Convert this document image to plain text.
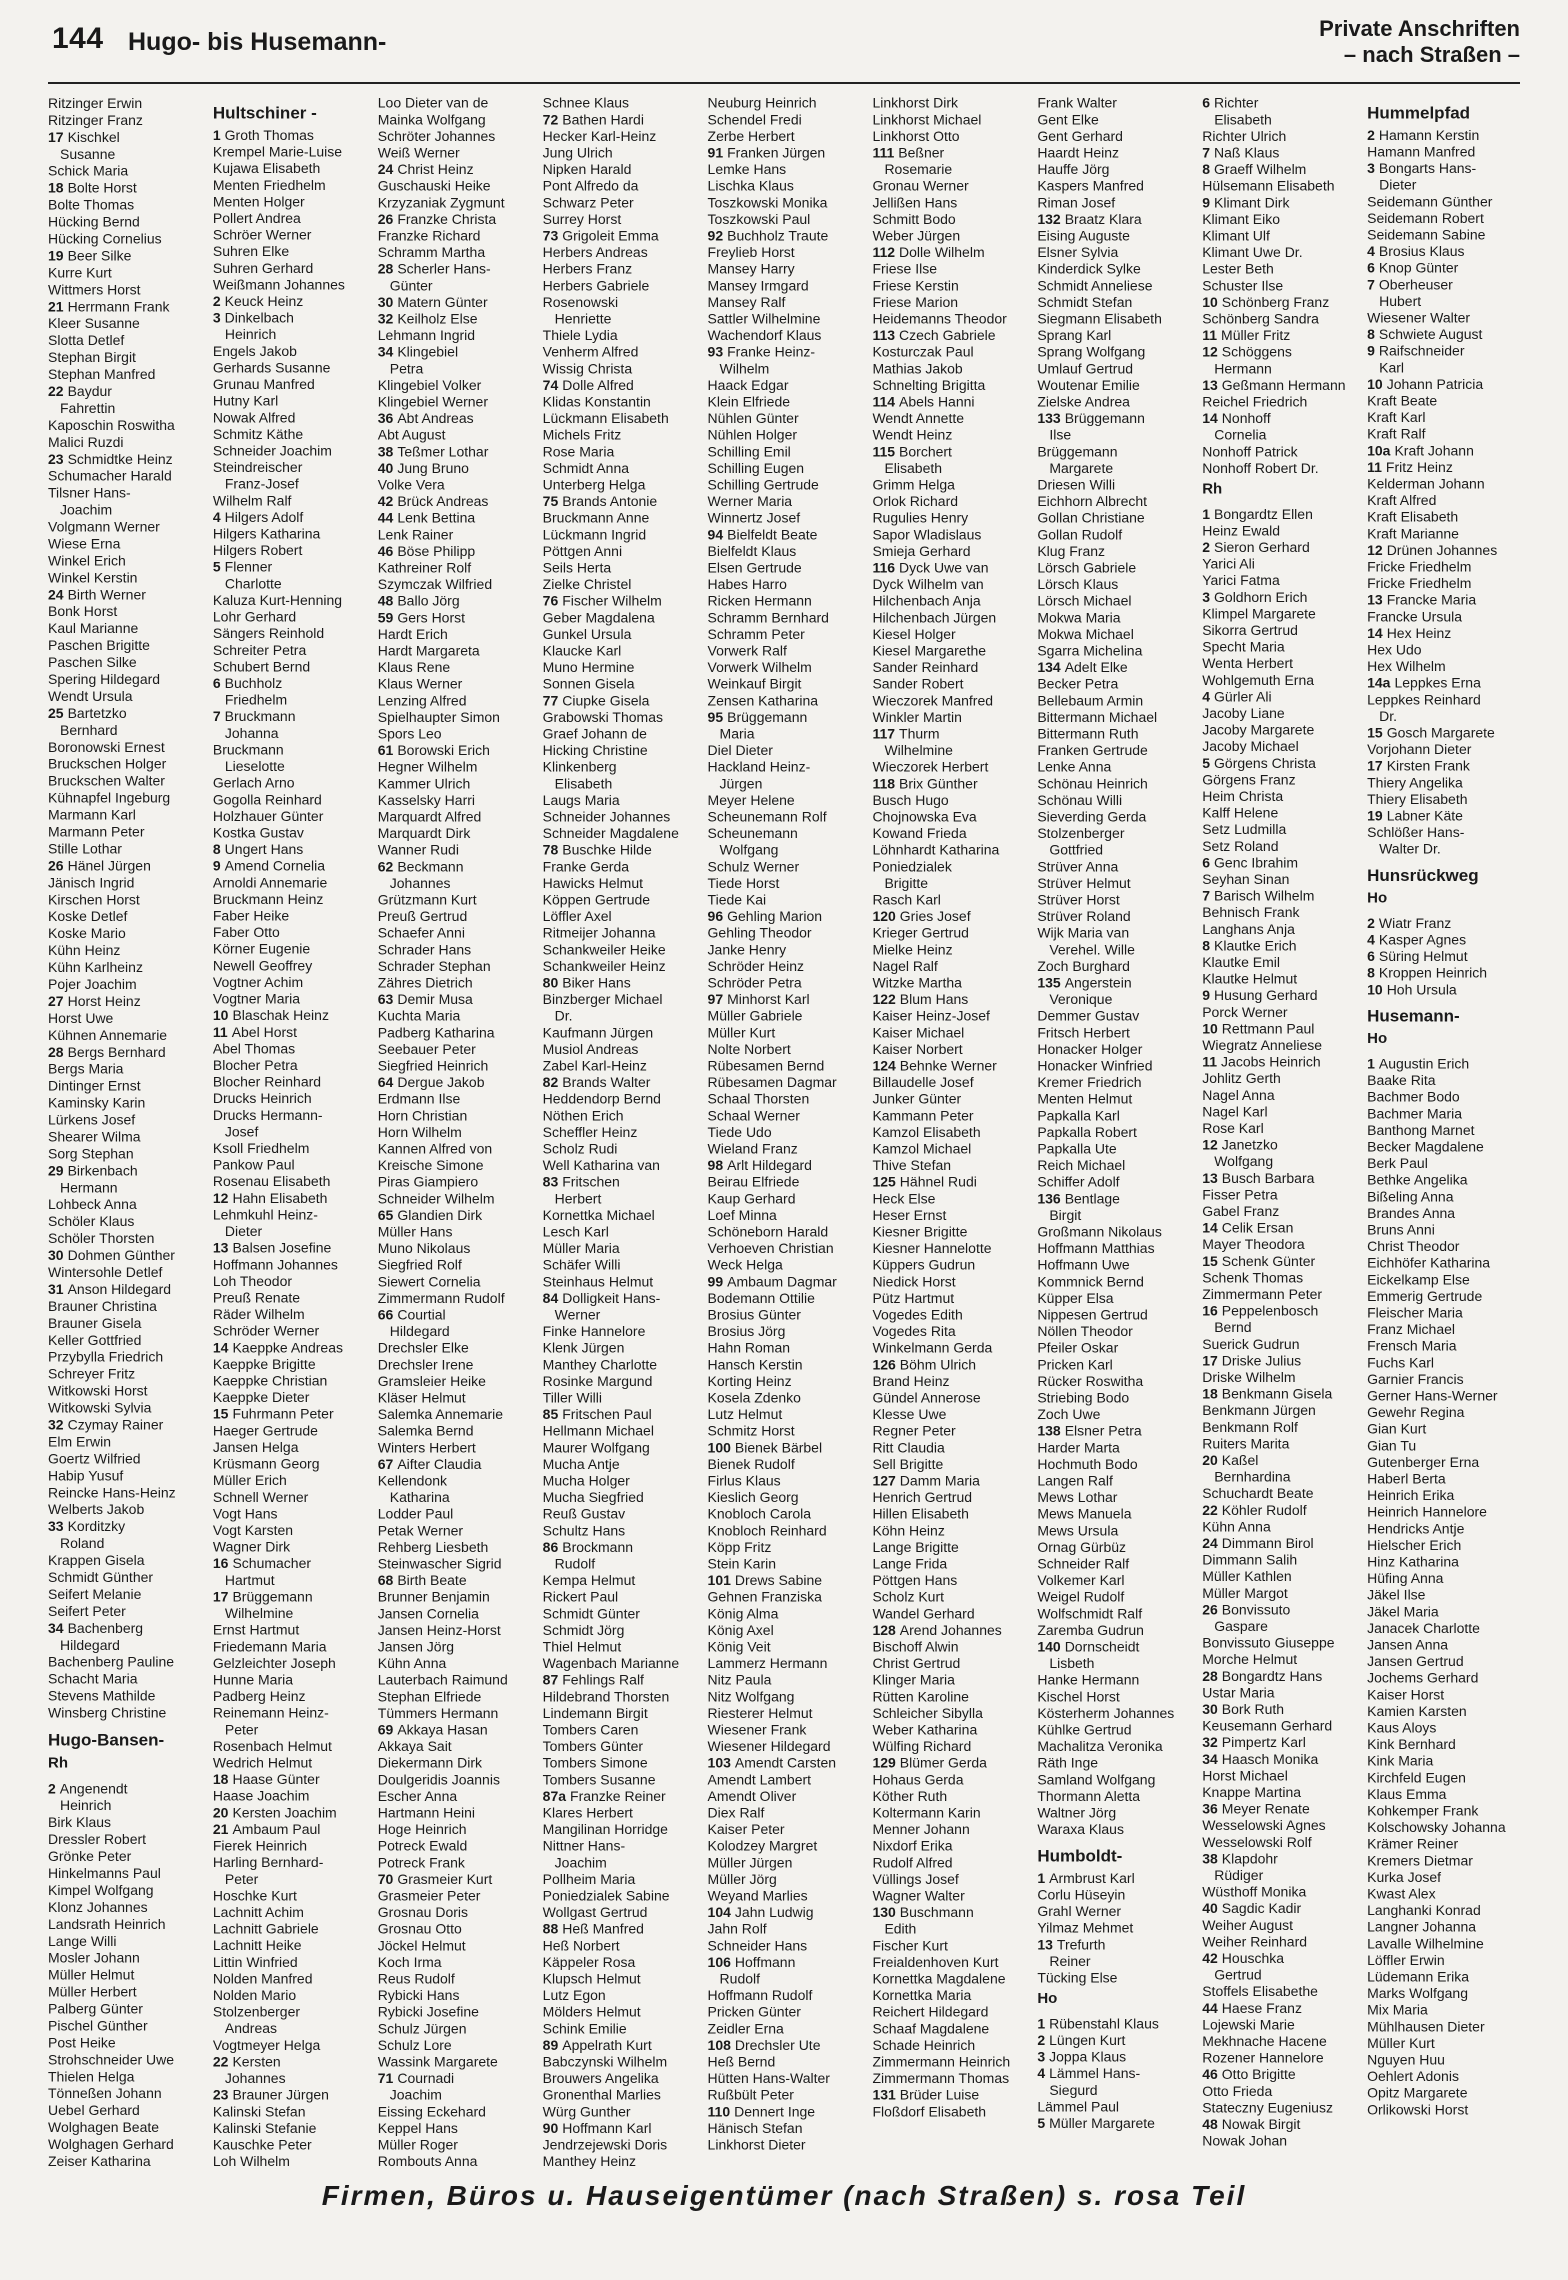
144 Hugo- bis Husemann-	Private Anschriften
– nach Straßen –
Ritzinger Erwin
Ritzinger Franz
17 Kischkel
Susanne
Schick Maria
18 Bolte Horst
Bolte Thomas
Hücking Bernd
Hücking Cornelius
19 Beer Silke
Kurre Kurt
Wittmers Horst
21 Herrmann Frank
Kleer Susanne
Slotta Detlef
Stephan Birgit
Stephan Manfred
22 Baydur
Fahrettin
Kaposchin Roswitha
Malici Ruzdi
23 Schmidtke Heinz
Schumacher Harald
Tilsner Hans-
Joachim
Volgmann Werner
Wiese Erna
Winkel Erich
Winkel Kerstin
24 Birth Werner
Bonk Horst
Kaul Marianne
Paschen Brigitte
Paschen Silke
Spering Hildegard
Wendt Ursula
25 Bartetzko
Bernhard
Boronowski Ernest
Bruckschen Holger
Bruckschen Walter
Kühnapfel Ingeburg
Marmann Karl
Marmann Peter
Stille Lothar
26 Hänel Jürgen
Jänisch Ingrid
Kirschen Horst
Koske Detlef
Koske Mario
Kühn Heinz
Kühn Karlheinz
Pojer Joachim
27 Horst Heinz
Horst Uwe
Kühnen Annemarie
28 Bergs Bernhard
Bergs Maria
Dintinger Ernst
Kaminsky Karin
Lürkens Josef
Shearer Wilma
Sorg Stephan
29 Birkenbach
Hermann
Lohbeck Anna
Schöler Klaus
Schöler Thorsten
30 Dohmen Günther
Wintersohle Detlef
31 Anson Hildegard
Brauner Christina
Brauner Gisela
Keller Gottfried
Przybylla Friedrich
Schreyer Fritz
Witkowski Horst
Witkowski Sylvia
32 Czymay Rainer
Elm Erwin
Goertz Wilfried
Habip Yusuf
Reincke Hans-Heinz
Welberts Jakob
33 Korditzky
Roland
Krappen Gisela
Schmidt Günther
Seifert Melanie
Seifert Peter
34 Bachenberg
Hildegard
Bachenberg Pauline
Schacht Maria
Stevens Mathilde
Winsberg Christine
Hugo-Bansen-
Rh
2 Angenendt
Heinrich
Birk Klaus
Dressler Robert
Grönke Peter
Hinkelmanns Paul
Kimpel Wolfgang
Klonz Johannes
Landsrath Heinrich
Lange Willi
Mosler Johann
Müller Helmut
Müller Herbert
Palberg Günter
Pischel Günther
Post Heike
Strohschneider Uwe
Thielen Helga
Tönneßen Johann
Uebel Gerhard
Wolghagen Beate
Wolghagen Gerhard
Zeiser Katharina
Hultschiner -
1 Groth Thomas
Krempel Marie-Luise
Kujawa Elisabeth
Menten Friedhelm
Menten Holger
Pollert Andrea
Schröer Werner
Suhren Elke
Suhren Gerhard
Weißmann Johannes
2 Keuck Heinz
3 Dinkelbach
Heinrich
Engels Jakob
Gerhards Susanne
Grunau Manfred
Hutny Karl
Nowak Alfred
Schmitz Käthe
Schneider Joachim
Steindreischer
Franz-Josef
Wilhelm Ralf
4 Hilgers Adolf
Hilgers Katharina
Hilgers Robert
5 Flenner
Charlotte
Kaluza Kurt-Henning
Lohr Gerhard
Sängers Reinhold
Schreiter Petra
Schubert Bernd
6 Buchholz
Friedhelm
7 Bruckmann
Johanna
Bruckmann
Lieselotte
Gerlach Arno
Gogolla Reinhard
Holzhauer Günter
Kostka Gustav
8 Ungert Hans
9 Amend Cornelia
Arnoldi Annemarie
Bruckmann Heinz
Faber Heike
Faber Otto
Körner Eugenie
Newell Geoffrey
Vogtner Achim
Vogtner Maria
10 Blaschak Heinz
11 Abel Horst
Abel Thomas
Blocher Petra
Blocher Reinhard
Drucks Heinrich
Drucks Hermann-
Josef
Ksoll Friedhelm
Pankow Paul
Rosenau Elisabeth
12 Hahn Elisabeth
Lehmkuhl Heinz-
Dieter
13 Balsen Josefine
Hoffmann Johannes
Loh Theodor
Preuß Renate
Räder Wilhelm
Schröder Werner
14 Kaeppke Andreas
Kaeppke Brigitte
Kaeppke Christian
Kaeppke Dieter
15 Fuhrmann Peter
Haeger Gertrude
Jansen Helga
Krüsmann Georg
Müller Erich
Schnell Werner
Vogt Hans
Vogt Karsten
Wagner Dirk
16 Schumacher
Hartmut
17 Brüggemann
Wilhelmine
Ernst Hartmut
Friedemann Maria
Gelzleichter Joseph
Hunne Maria
Padberg Heinz
Reinemann Heinz-
Peter
Rosenbach Helmut
Wedrich Helmut
18 Haase Günter
Haase Joachim
20 Kersten Joachim
21 Ambaum Paul
Fierek Heinrich
Harling Bernhard-
Peter
Hoschke Kurt
Lachnitt Achim
Lachnitt Gabriele
Lachnitt Heike
Littin Winfried
Nolden Manfred
Nolden Mario
Stolzenberger
Andreas
Vogtmeyer Helga
22 Kersten
Johannes
23 Brauner Jürgen
Kalinski Stefan
Kalinski Stefanie
Kauschke Peter
Loh Wilhelm
Loo Dieter van de
Mainka Wolfgang
Schröter Johannes
Weiß Werner
24 Christ Heinz
Guschauski Heike
Krzyzaniak Zygmunt
26 Franzke Christa
Franzke Richard
Schramm Martha
28 Scherler Hans-
Günter
30 Matern Günter
32 Keilholz Else
Lehmann Ingrid
34 Klingebiel
Petra
Klingebiel Volker
Klingebiel Werner
36 Abt Andreas
Abt August
38 Teßmer Lothar
40 Jung Bruno
Volke Vera
42 Brück Andreas
44 Lenk Bettina
Lenk Rainer
46 Böse Philipp
Kathreiner Rolf
Szymczak Wilfried
48 Ballo Jörg
59 Gers Horst
Hardt Erich
Hardt Margareta
Klaus Rene
Klaus Werner
Lenzing Alfred
Spielhaupter Simon
Spors Leo
61 Borowski Erich
Hegner Wilhelm
Kammer Ulrich
Kasselsky Harri
Marquardt Alfred
Marquardt Dirk
Wanner Rudi
62 Beckmann
Johannes
Grützmann Kurt
Preuß Gertrud
Schaefer Anni
Schrader Hans
Schrader Stephan
Zähres Dietrich
63 Demir Musa
Kuchta Maria
Padberg Katharina
Seebauer Peter
Siegfried Heinrich
64 Dergue Jakob
Erdmann Ilse
Horn Christian
Horn Wilhelm
Kannen Alfred von
Kreische Simone
Piras Giampiero
Schneider Wilhelm
65 Glandien Dirk
Müller Hans
Muno Nikolaus
Siegfried Rolf
Siewert Cornelia
Zimmermann Rudolf
66 Courtial
Hildegard
Drechsler Elke
Drechsler Irene
Gramsleier Heike
Kläser Helmut
Salemka Annemarie
Salemka Bernd
Winters Herbert
67 Aifter Claudia
Kellendonk
Katharina
Lodder Paul
Petak Werner
Rehberg Liesbeth
Steinwascher Sigrid
68 Birth Beate
Brunner Benjamin
Jansen Cornelia
Jansen Heinz-Horst
Jansen Jörg
Kühn Anna
Lauterbach Raimund
Stephan Elfriede
Tümmers Hermann
69 Akkaya Hasan
Akkaya Sait
Diekermann Dirk
Doulgeridis Joannis
Escher Anna
Hartmann Heini
Hoge Heinrich
Potreck Ewald
Potreck Frank
70 Grasmeier Kurt
Grasmeier Peter
Grosnau Doris
Grosnau Otto
Jöckel Helmut
Koch Irma
Reus Rudolf
Rybicki Hans
Rybicki Josefine
Schulz Jürgen
Schulz Lore
Wassink Margarete
71 Cournadi
Joachim
Eissing Eckehard
Keppel Hans
Müller Roger
Rombouts Anna
Schnee Klaus
72 Bathen Hardi
Hecker Karl-Heinz
Jung Ulrich
Nipken Harald
Pont Alfredo da
Schwarz Peter
Surrey Horst
73 Grigoleit Emma
Herbers Andreas
Herbers Franz
Herbers Gabriele
Rosenowski
Henriette
Thiele Lydia
Venherm Alfred
Wissig Christa
74 Dolle Alfred
Klidas Konstantin
Lückmann Elisabeth
Michels Fritz
Rose Maria
Schmidt Anna
Unterberg Helga
75 Brands Antonie
Bruckmann Anne
Lückmann Ingrid
Pöttgen Anni
Seils Herta
Zielke Christel
76 Fischer Wilhelm
Geber Magdalena
Gunkel Ursula
Klaucke Karl
Muno Hermine
Sonnen Gisela
77 Ciupke Gisela
Grabowski Thomas
Graef Johann de
Hicking Christine
Klinkenberg
Elisabeth
Laugs Maria
Schneider Johannes
Schneider Magdalene
78 Buschke Hilde
Franke Gerda
Hawicks Helmut
Köppen Gertrude
Löffler Axel
Ritmeijer Johanna
Schankweiler Heike
Schankweiler Heinz
80 Biker Hans
Binzberger Michael
Dr.
Kaufmann Jürgen
Musiol Andreas
Zabel Karl-Heinz
82 Brands Walter
Heddendorp Bernd
Nöthen Erich
Scheffler Heinz
Scholz Rudi
Well Katharina van
83 Fritschen
Herbert
Kornettka Michael
Lesch Karl
Müller Maria
Schäfer Willi
Steinhaus Helmut
84 Dolligkeit Hans-
Werner
Finke Hannelore
Klenk Jürgen
Manthey Charlotte
Rosinke Margund
Tiller Willi
85 Fritschen Paul
Hellmann Michael
Maurer Wolfgang
Mucha Antje
Mucha Holger
Mucha Siegfried
Reuß Gustav
Schultz Hans
86 Brockmann
Rudolf
Kempa Helmut
Rickert Paul
Schmidt Günter
Schmidt Jörg
Thiel Helmut
Wagenbach Marianne
87 Fehlings Ralf
Hildebrand Thorsten
Lindemann Birgit
Tombers Caren
Tombers Günter
Tombers Simone
Tombers Susanne
87a Franzke Reiner
Klares Herbert
Mangilinan Horridge
Nittner Hans-
Joachim
Pollheim Maria
Poniedzialek Sabine
Wollgast Gertrud
88 Heß Manfred
Heß Norbert
Käppeler Rosa
Klupsch Helmut
Lutz Egon
Mölders Helmut
Schink Emilie
89 Appelrath Kurt
Babczynski Wilhelm
Brouwers Angelika
Gronenthal Marlies
Würg Gunther
90 Hoffmann Karl
Jendrzejewski Doris
Manthey Heinz
Neuburg Heinrich
Schendel Fredi
Zerbe Herbert
91 Franken Jürgen
Lemke Hans
Lischka Klaus
Toszkowski Monika
Toszkowski Paul
92 Buchholz Traute
Freylieb Horst
Mansey Harry
Mansey Irmgard
Mansey Ralf
Sattler Wilhelmine
Wachendorf Klaus
93 Franke Heinz-
Wilhelm
Haack Edgar
Klein Elfriede
Nühlen Günter
Nühlen Holger
Schilling Emil
Schilling Eugen
Schilling Gertrude
Werner Maria
Winnertz Josef
94 Bielfeldt Beate
Bielfeldt Klaus
Elsen Gertrude
Habes Harro
Ricken Hermann
Schramm Bernhard
Schramm Peter
Vorwerk Ralf
Vorwerk Wilhelm
Weinkauf Birgit
Zensen Katharina
95 Brüggemann
Maria
Diel Dieter
Hackland Heinz-
Jürgen
Meyer Helene
Scheunemann Rolf
Scheunemann
Wolfgang
Schulz Werner
Tiede Horst
Tiede Kai
96 Gehling Marion
Gehling Theodor
Janke Henry
Schröder Heinz
Schröder Petra
97 Minhorst Karl
Müller Gabriele
Müller Kurt
Nolte Norbert
Rübesamen Bernd
Rübesamen Dagmar
Schaal Thorsten
Schaal Werner
Tiede Udo
Wieland Franz
98 Arlt Hildegard
Beirau Elfriede
Kaup Gerhard
Loef Minna
Schöneborn Harald
Verhoeven Christian
Weck Helga
99 Ambaum Dagmar
Bodemann Ottilie
Brosius Günter
Brosius Jörg
Hahn Roman
Hansch Kerstin
Korting Heinz
Kosela Zdenko
Lutz Helmut
Schmitz Horst
100 Bienek Bärbel
Bienek Rudolf
Firlus Klaus
Kieslich Georg
Knobloch Carola
Knobloch Reinhard
Köpp Fritz
Stein Karin
101 Drews Sabine
Gehnen Franziska
König Alma
König Axel
König Veit
Lammerz Hermann
Nitz Paula
Nitz Wolfgang
Riesterer Helmut
Wiesener Frank
Wiesener Hildegard
103 Amendt Carsten
Amendt Lambert
Amendt Oliver
Diex Ralf
Kaiser Peter
Kolodzey Margret
Müller Jürgen
Müller Jörg
Weyand Marlies
104 Jahn Ludwig
Jahn Rolf
Schneider Hans
106 Hoffmann
Rudolf
Hoffmann Rudolf
Pricken Günter
Zeidler Erna
108 Drechsler Ute
Heß Bernd
Hütten Hans-Walter
Rußbült Peter
110 Dennert Inge
Hänisch Stefan
Linkhorst Dieter
Linkhorst Dirk
Linkhorst Michael
Linkhorst Otto
111 Beßner
Rosemarie
Gronau Werner
Jellißen Hans
Schmitt Bodo
Weber Jürgen
112 Dolle Wilhelm
Friese Ilse
Friese Kerstin
Friese Marion
Heidemanns Theodor
113 Czech Gabriele
Kosturczak Paul
Mathias Jakob
Schnelting Brigitta
114 Abels Hanni
Wendt Annette
Wendt Heinz
115 Borchert
Elisabeth
Grimm Helga
Orlok Richard
Rugulies Henry
Sapor Wladislaus
Smieja Gerhard
116 Dyck Uwe van
Dyck Wilhelm van
Hilchenbach Anja
Hilchenbach Jürgen
Kiesel Holger
Kiesel Margarethe
Sander Reinhard
Sander Robert
Wieczorek Manfred
Winkler Martin
117 Thurm
Wilhelmine
Wieczorek Herbert
118 Brix Günther
Busch Hugo
Chojnowska Eva
Kowand Frieda
Löhnhardt Katharina
Poniedzialek
Brigitte
Rasch Karl
120 Gries Josef
Krieger Gertrud
Mielke Heinz
Nagel Ralf
Witzke Martha
122 Blum Hans
Kaiser Heinz-Josef
Kaiser Michael
Kaiser Norbert
124 Behnke Werner
Billaudelle Josef
Junker Günter
Kammann Peter
Kamzol Elisabeth
Kamzol Michael
Thive Stefan
125 Hähnel Rudi
Heck Else
Heser Ernst
Kiesner Brigitte
Kiesner Hannelotte
Küppers Gudrun
Niedick Horst
Pütz Hartmut
Vogedes Edith
Vogedes Rita
Winkelmann Gerda
126 Böhm Ulrich
Brand Heinz
Gündel Annerose
Klesse Uwe
Regner Peter
Ritt Claudia
Sell Brigitte
127 Damm Maria
Henrich Gertrud
Hillen Elisabeth
Köhn Heinz
Lange Brigitte
Lange Frida
Pöttgen Hans
Scholz Kurt
Wandel Gerhard
128 Arend Johannes
Bischoff Alwin
Christ Gertrud
Klinger Maria
Rütten Karoline
Schleicher Sibylla
Weber Katharina
Wülfing Richard
129 Blümer Gerda
Hohaus Gerda
Köther Ruth
Koltermann Karin
Menner Johann
Nixdorf Erika
Rudolf Alfred
Vüllings Josef
Wagner Walter
130 Buschmann
Edith
Fischer Kurt
Freialdenhoven Kurt
Kornettka Magdalene
Kornettka Maria
Reichert Hildegard
Schaaf Magdalene
Schade Heinrich
Zimmermann Heinrich
Zimmermann Thomas
131 Brüder Luise
Floßdorf Elisabeth
Frank Walter
Gent Elke
Gent Gerhard
Haardt Heinz
Hauffe Jörg
Kaspers Manfred
Riman Josef
132 Braatz Klara
Eising Auguste
Elsner Sylvia
Kinderdick Sylke
Schmidt Anneliese
Schmidt Stefan
Siegmann Elisabeth
Sprang Karl
Sprang Wolfgang
Umlauf Gertrud
Woutenar Emilie
Zielske Andrea
133 Brüggemann
Ilse
Brüggemann
Margarete
Driesen Willi
Eichhorn Albrecht
Gollan Christiane
Gollan Rudolf
Klug Franz
Lörsch Gabriele
Lörsch Klaus
Lörsch Michael
Mokwa Maria
Mokwa Michael
Sgarra Michelina
134 Adelt Elke
Becker Petra
Bellebaum Armin
Bittermann Michael
Bittermann Ruth
Franken Gertrude
Lenke Anna
Schönau Heinrich
Schönau Willi
Sieverding Gerda
Stolzenberger
Gottfried
Strüver Anna
Strüver Helmut
Strüver Horst
Strüver Roland
Wijk Maria van
Verehel. Wille
Zoch Burghard
135 Angerstein
Veronique
Demmer Gustav
Fritsch Herbert
Honacker Holger
Honacker Winfried
Kremer Friedrich
Menten Helmut
Papkalla Karl
Papkalla Robert
Papkalla Ute
Reich Michael
Schiffer Adolf
136 Bentlage
Birgit
Großmann Nikolaus
Hoffmann Matthias
Hoffmann Uwe
Kommnick Bernd
Küpper Elsa
Nippesen Gertrud
Nöllen Theodor
Pfeiler Oskar
Pricken Karl
Rücker Roswitha
Striebing Bodo
Zoch Uwe
138 Elsner Petra
Harder Marta
Hochmuth Bodo
Langen Ralf
Mews Lothar
Mews Manuela
Mews Ursula
Ornag Gürbüz
Schneider Ralf
Volkemer Karl
Weigel Rudolf
Wolfschmidt Ralf
Zaremba Gudrun
140 Dornscheidt
Lisbeth
Hanke Hermann
Kischel Horst
Kösterherm Johannes
Kühlke Gertrud
Machalitza Veronika
Räth Inge
Samland Wolfgang
Thormann Aletta
Waltner Jörg
Waraxa Klaus
Humboldt-
1 Armbrust Karl
Corlu Hüseyin
Grahl Werner
Yilmaz Mehmet
13 Trefurth
Reiner
Tücking Else
Ho
1 Rübenstahl Klaus
2 Lüngen Kurt
3 Joppa Klaus
4 Lämmel Hans-
Siegurd
Lämmel Paul
5 Müller Margarete
6 Richter
Elisabeth
Richter Ulrich
7 Naß Klaus
8 Graeff Wilhelm
Hülsemann Elisabeth
9 Klimant Dirk
Klimant Eiko
Klimant Ulf
Klimant Uwe Dr.
Lester Beth
Schuster Ilse
10 Schönberg Franz
Schönberg Sandra
11 Müller Fritz
12 Schöggens
Hermann
13 Geßmann Hermann
Reichel Friedrich
14 Nonhoff
Cornelia
Nonhoff Patrick
Nonhoff Robert Dr.
Rh
1 Bongardtz Ellen
Heinz Ewald
2 Sieron Gerhard
Yarici Ali
Yarici Fatma
3 Goldhorn Erich
Klimpel Margarete
Sikorra Gertrud
Specht Maria
Wenta Herbert
Wohlgemuth Erna
4 Gürler Ali
Jacoby Liane
Jacoby Margarete
Jacoby Michael
5 Görgens Christa
Görgens Franz
Heim Christa
Kalff Helene
Setz Ludmilla
Setz Roland
6 Genc Ibrahim
Seyhan Sinan
7 Barisch Wilhelm
Behnisch Frank
Langhans Anja
8 Klautke Erich
Klautke Emil
Klautke Helmut
9 Husung Gerhard
Porck Werner
10 Rettmann Paul
Wiegratz Anneliese
11 Jacobs Heinrich
Johlitz Gerth
Nagel Anna
Nagel Karl
Rose Karl
12 Janetzko
Wolfgang
13 Busch Barbara
Fisser Petra
Gabel Franz
14 Celik Ersan
Mayer Theodora
15 Schenk Günter
Schenk Thomas
Zimmermann Peter
16 Peppelenbosch
Bernd
Suerick Gudrun
17 Driske Julius
Driske Wilhelm
18 Benkmann Gisela
Benkmann Jürgen
Benkmann Rolf
Ruiters Marita
20 Kaßel
Bernhardina
Schuchardt Beate
22 Köhler Rudolf
Kühn Anna
24 Dimmann Birol
Dimmann Salih
Müller Kathlen
Müller Margot
26 Bonvissuto
Gaspare
Bonvissuto Giuseppe
Morche Helmut
28 Bongardtz Hans
Ustar Maria
30 Bork Ruth
Keusemann Gerhard
32 Pimpertz Karl
34 Haasch Monika
Horst Michael
Knappe Martina
36 Meyer Renate
Wesselowski Agnes
Wesselowski Rolf
38 Klapdohr
Rüdiger
Wüsthoff Monika
40 Sagdic Kadir
Weiher August
Weiher Reinhard
42 Houschka
Gertrud
Stoffels Elisabethe
44 Haese Franz
Lojewski Marie
Mekhnache Hacene
Rozener Hannelore
46 Otto Brigitte
Otto Frieda
Stateczny Eugeniusz
48 Nowak Birgit
Nowak Johan
Hummelpfad
2 Hamann Kerstin
Hamann Manfred
3 Bongarts Hans-
Dieter
Seidemann Günther
Seidemann Robert
Seidemann Sabine
4 Brosius Klaus
6 Knop Günter
7 Oberheuser
Hubert
Wiesener Walter
8 Schwiete August
9 Raifschneider
Karl
10 Johann Patricia
Kraft Beate
Kraft Karl
Kraft Ralf
10a Kraft Johann
11 Fritz Heinz
Kelderman Johann
Kraft Alfred
Kraft Elisabeth
Kraft Marianne
12 Drünen Johannes
Fricke Friedhelm
Fricke Friedhelm
13 Francke Maria
Francke Ursula
14 Hex Heinz
Hex Udo
Hex Wilhelm
14a Leppkes Erna
Leppkes Reinhard
Dr.
15 Gosch Margarete
Vorjohann Dieter
17 Kirsten Frank
Thiery Angelika
Thiery Elisabeth
19 Labner Käte
Schlößer Hans-
Walter Dr.
Hunsrückweg
Ho
2 Wiatr Franz
4 Kasper Agnes
6 Süring Helmut
8 Kroppen Heinrich
10 Hoh Ursula
Husemann-
Ho
1 Augustin Erich
Baake Rita
Bachmer Bodo
Bachmer Maria
Banthong Marnet
Becker Magdalene
Berk Paul
Bethke Angelika
Bißeling Anna
Brandes Anna
Bruns Anni
Christ Theodor
Eichhöfer Katharina
Eickelkamp Else
Emmerig Gertrude
Fleischer Maria
Franz Michael
Frensch Maria
Fuchs Karl
Garnier Francis
Gerner Hans-Werner
Gewehr Regina
Gian Kurt
Gian Tu
Gutenberger Erna
Haberl Berta
Heinrich Erika
Heinrich Hannelore
Hendricks Antje
Hielscher Erich
Hinz Katharina
Hüfing Anna
Jäkel Ilse
Jäkel Maria
Janacek Charlotte
Jansen Anna
Jansen Gertrud
Jochems Gerhard
Kaiser Horst
Kamien Karsten
Kaus Aloys
Kink Bernhard
Kink Maria
Kirchfeld Eugen
Klaus Emma
Kohkemper Frank
Kolschowsky Johanna
Krämer Reiner
Kremers Dietmar
Kurka Josef
Kwast Alex
Langhanki Konrad
Langner Johanna
Lavalle Wilhelmine
Löffler Erwin
Lüdemann Erika
Marks Wolfgang
Mix Maria
Mühlhausen Dieter
Müller Kurt
Nguyen Huu
Oehlert Adonis
Opitz Margarete
Orlikowski Horst
Firmen, Büros u. Hauseigentümer (nach Straßen) s. rosa Teil
